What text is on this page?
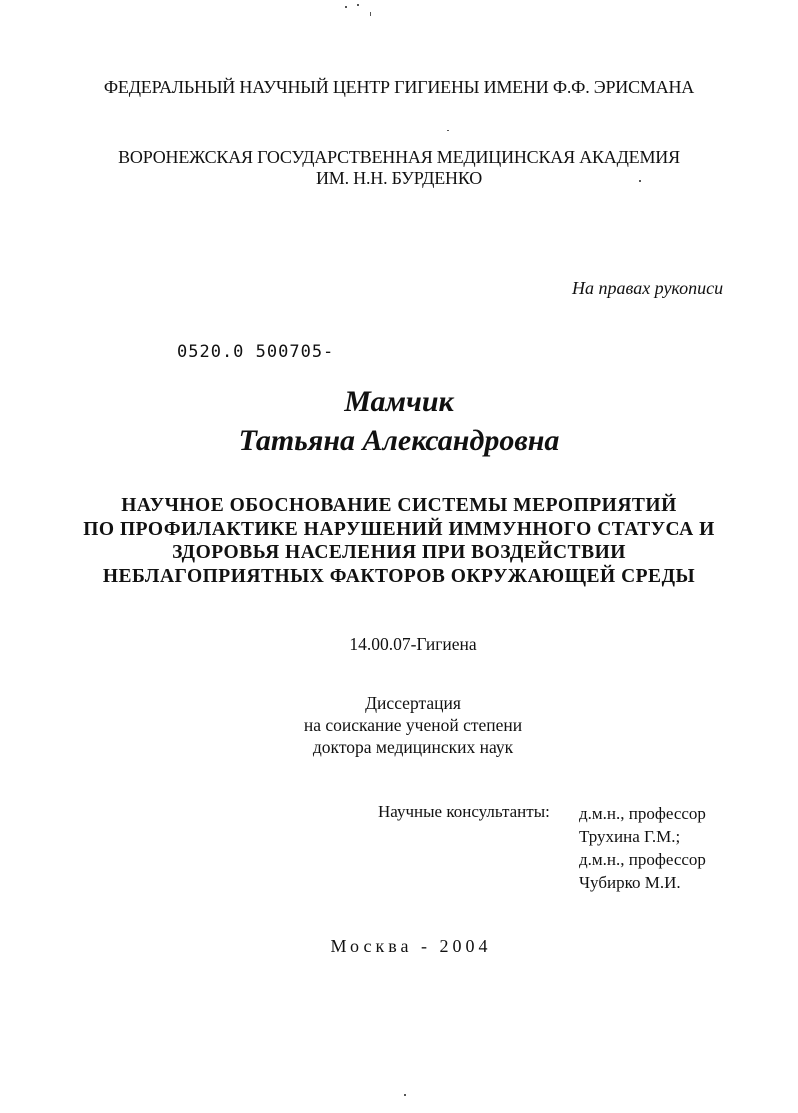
ФЕДЕРАЛЬНЫЙ НАУЧНЫЙ ЦЕНТР ГИГИЕНЫ ИМЕНИ Ф.Ф. ЭРИСМАНА
ВОРОНЕЖСКАЯ ГОСУДАРСТВЕННАЯ МЕДИЦИНСКАЯ АКАДЕМИЯ
ИМ. Н.Н. БУРДЕНКО
На правах рукописи
0520.0 500705-
Мамчик
Татьяна Александровна
НАУЧНОЕ ОБОСНОВАНИЕ СИСТЕМЫ МЕРОПРИЯТИЙ
ПО ПРОФИЛАКТИКЕ НАРУШЕНИЙ ИММУННОГО СТАТУСА И
ЗДОРОВЬЯ НАСЕЛЕНИЯ ПРИ ВОЗДЕЙСТВИИ
НЕБЛАГОПРИЯТНЫХ ФАКТОРОВ ОКРУЖАЮЩЕЙ СРЕДЫ
14.00.07-Гигиена
Диссертация
на соискание ученой степени
доктора медицинских наук
Научные консультанты: д.м.н., профессор
Трухина Г.М.;
д.м.н., профессор
Чубирко М.И.
Москва - 2004
